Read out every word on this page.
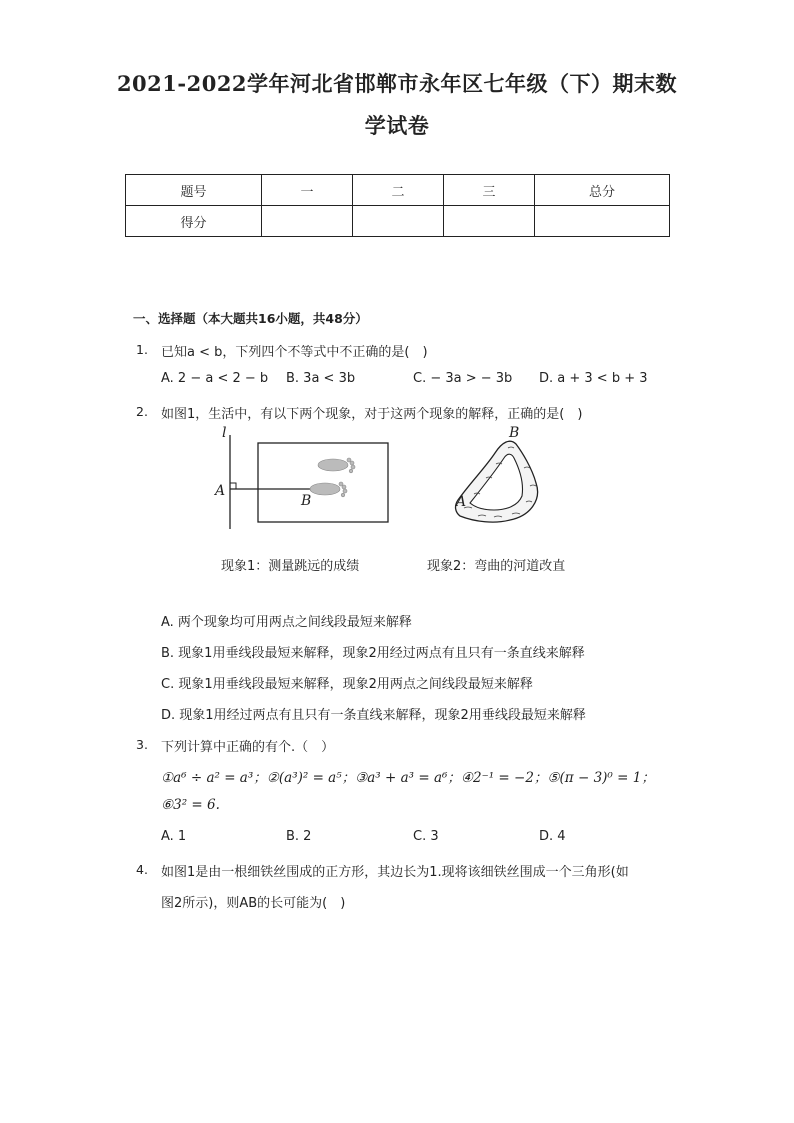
2021-2022学年河北省邯郸市永年区七年级（下）期末数
学试卷
题号	一	二	三	总分
得分				
一、选择题（本大题共16小题，共48分）
1. 已知a < b，下列四个不等式中不正确的是(　)
A. 2 − a < 2 − b B. 3a < 3b	C. − 3a > − 3b D. a + 3 < b + 3
2. 如图1，生活中，有以下两个现象，对于这两个现象的解释，正确的是(　)
l
A
B	A
B
现象1：测量跳远的成绩	现象2：弯曲的河道改直
A. 两个现象均可用两点之间线段最短来解释
B. 现象1用垂线段最短来解释，现象2用经过两点有且只有一条直线来解释
C. 现象1用垂线段最短来解释，现象2用两点之间线段最短来解释
D. 现象1用经过两点有且只有一条直线来解释，现象2用垂线段最短来解释
3. 下列计算中正确的有个.（　）
①a⁶ ÷ a² = a³；②(a³)² = a⁵；③a³ + a³ = a⁶；④2⁻¹ = −2；⑤(π − 3)⁰ = 1；
⑥3² = 6.
A. 1	B. 2	C. 3	D. 4
4. 如图1是由一根细铁丝围成的正方形，其边长为1.现将该细铁丝围成一个三角形(如
图2所示)，则AB的长可能为(　)
